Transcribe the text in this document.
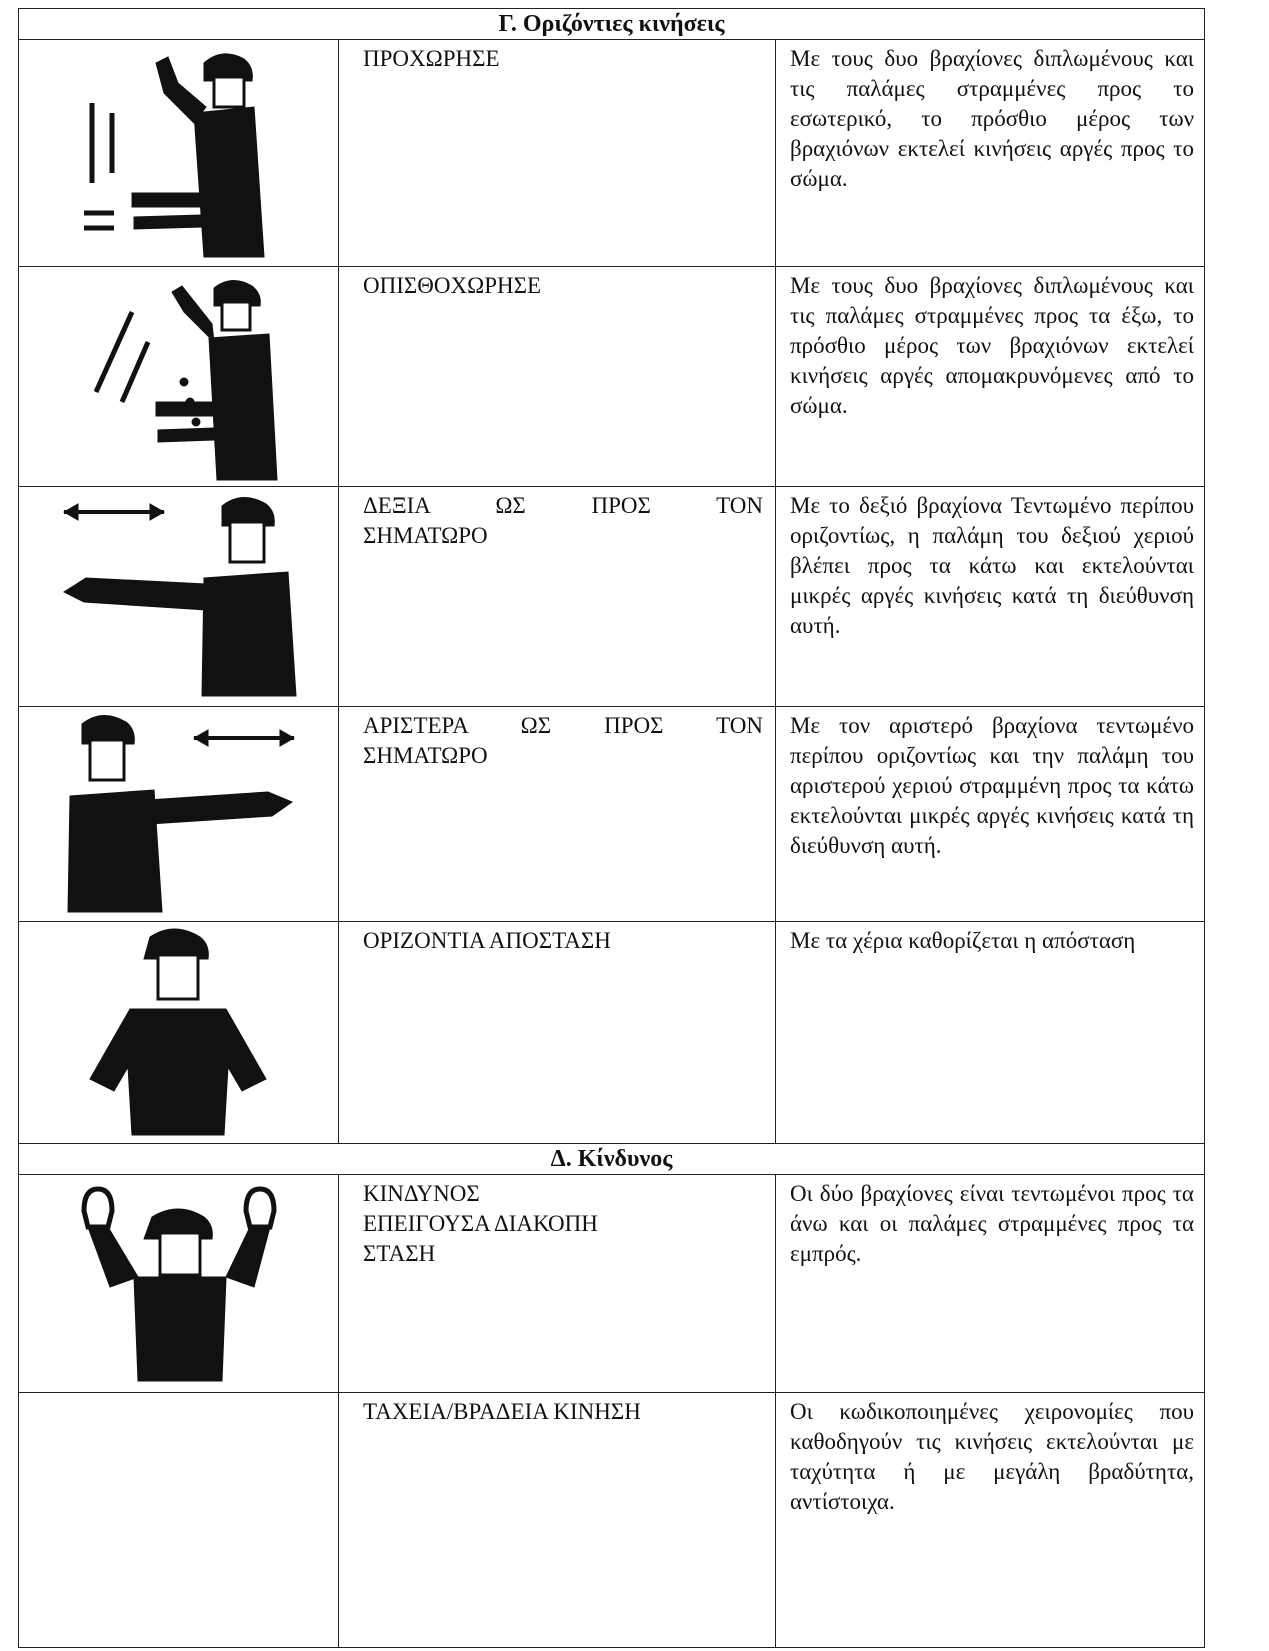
Γ. Οριζόντιες κινήσεις		

ΠΡΟΧΩΡΗΣΕ	Με τους δυο βραχίονες διπλωμένους και τις παλάμες στραμμένες προς το εσωτερικό, το πρόσθιο μέρος των βραχιόνων εκτελεί κινήσεις αργές προς το σώμα.

ΟΠΙΣΘΟΧΩΡΗΣΕ	Με τους δυο βραχίονες διπλωμένους και τις παλάμες στραμμένες προς τα έξω, το πρόσθιο μέρος των βραχιόνων εκτελεί κινήσεις αργές απομακρυνόμενες από το σώμα.

ΔΕΞΙΑ ΩΣ ΠΡΟΣ ΤΟΝ
ΣΗΜΑΤΩΡΟ	Με το δεξιό βραχίονα Τεντωμένο περίπου οριζοντίως, η παλάμη του δεξιού χεριού βλέπει προς τα κάτω και εκτελούνται μικρές αργές κινήσεις κατά τη διεύθυνση αυτή.

ΑΡΙΣΤΕΡΑ ΩΣ ΠΡΟΣ ΤΟΝ
ΣΗΜΑΤΩΡΟ	Με τον αριστερό βραχίονα τεντωμένο περίπου οριζοντίως και την παλάμη του αριστερού χεριού στραμμένη προς τα κάτω εκτελούνται μικρές αργές κινήσεις κατά τη διεύθυνση αυτή.

ΟΡΙΖΟΝΤΙΑ ΑΠΟΣΤΑΣΗ	Με τα χέρια καθορίζεται η απόσταση

Δ. Κίνδυνος		

ΚΙΝΔΥΝΟΣ
ΕΠΕΙΓΟΥΣΑ ΔΙΑΚΟΠΗ
ΣΤΑΣΗ	Οι δύο βραχίονες είναι τεντωμένοι προς τα άνω και οι παλάμες στραμμένες προς τα εμπρός.

	ΤΑΧΕΙΑ/ΒΡΑΔΕΙΑ ΚΙΝΗΣΗ	Οι κωδικοποιημένες χειρονομίες που καθοδηγούν τις κινήσεις εκτελούνται με ταχύτητα ή με μεγάλη βραδύτητα, αντίστοιχα.
